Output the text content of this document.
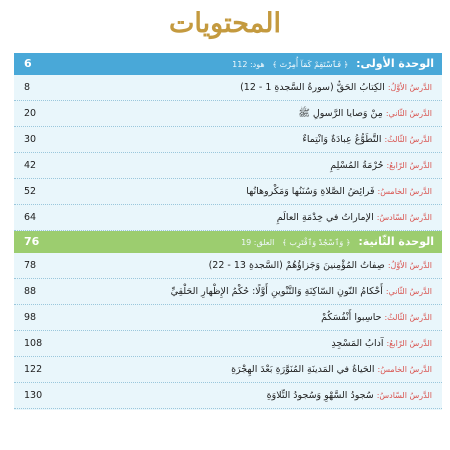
المحتويات
الوحدة الأولى: ﴿ فَٱسْتَقِمْ كَمَآ أُمِرْتَ ﴾ هود: 112
6
الدَّرسُ الأوَّلُ:الكِتابُ الحَقُّ (سورةُ السَّجدةِ 1 - 12)
8
الدَّرسُ الثّاني:مِنْ وَصايا الرَّسولِ ﷺ
20
الدَّرسُ الثّالثُ:التَّطَوُّعُ عِبادَةٌ وَانْتِماءٌ
30
الدَّرسُ الرّابعُ:حُرْمَةُ المُسْلِمِ
42
الدَّرسُ الخامسُ:فَرائِضُ الصَّلاةِ وَسُنَنُها وَمَكْروهاتُها
52
الدَّرسُ السّادسُ:الإماراتُ في خِدْمَةِ العالَمِ
64
الوحدة الثّانية: ﴿ وَٱسْجُدْ وَٱقْتَرِب ﴾ العلق: 19
76
الدَّرسُ الأوَّلُ:صِفاتُ المُؤْمِنينَ وَجَزاؤُهُمْ (السَّجدةِ 13 - 22)
78
الدَّرسُ الثّاني:أَحْكامُ النّونِ السّاكِنَةِ وَالتَّنْوينِ أَوَّلًا: حُكْمُ الإِظْهارِ الحَلْقِيِّ
88
الدَّرسُ الثّالثُ:حاسِبوا أَنْفُسَكُمْ
98
الدَّرسُ الرّابعُ:آدابُ المَسْجِدِ
108
الدَّرسُ الخامسُ:الحَياةُ في المَدينَةِ المُنَوَّرَةِ بَعْدَ الهِجْرَةِ
122
الدَّرسُ السّادسُ:سُجودُ السَّهْوِ وَسُجودُ التِّلاوَةِ
130
